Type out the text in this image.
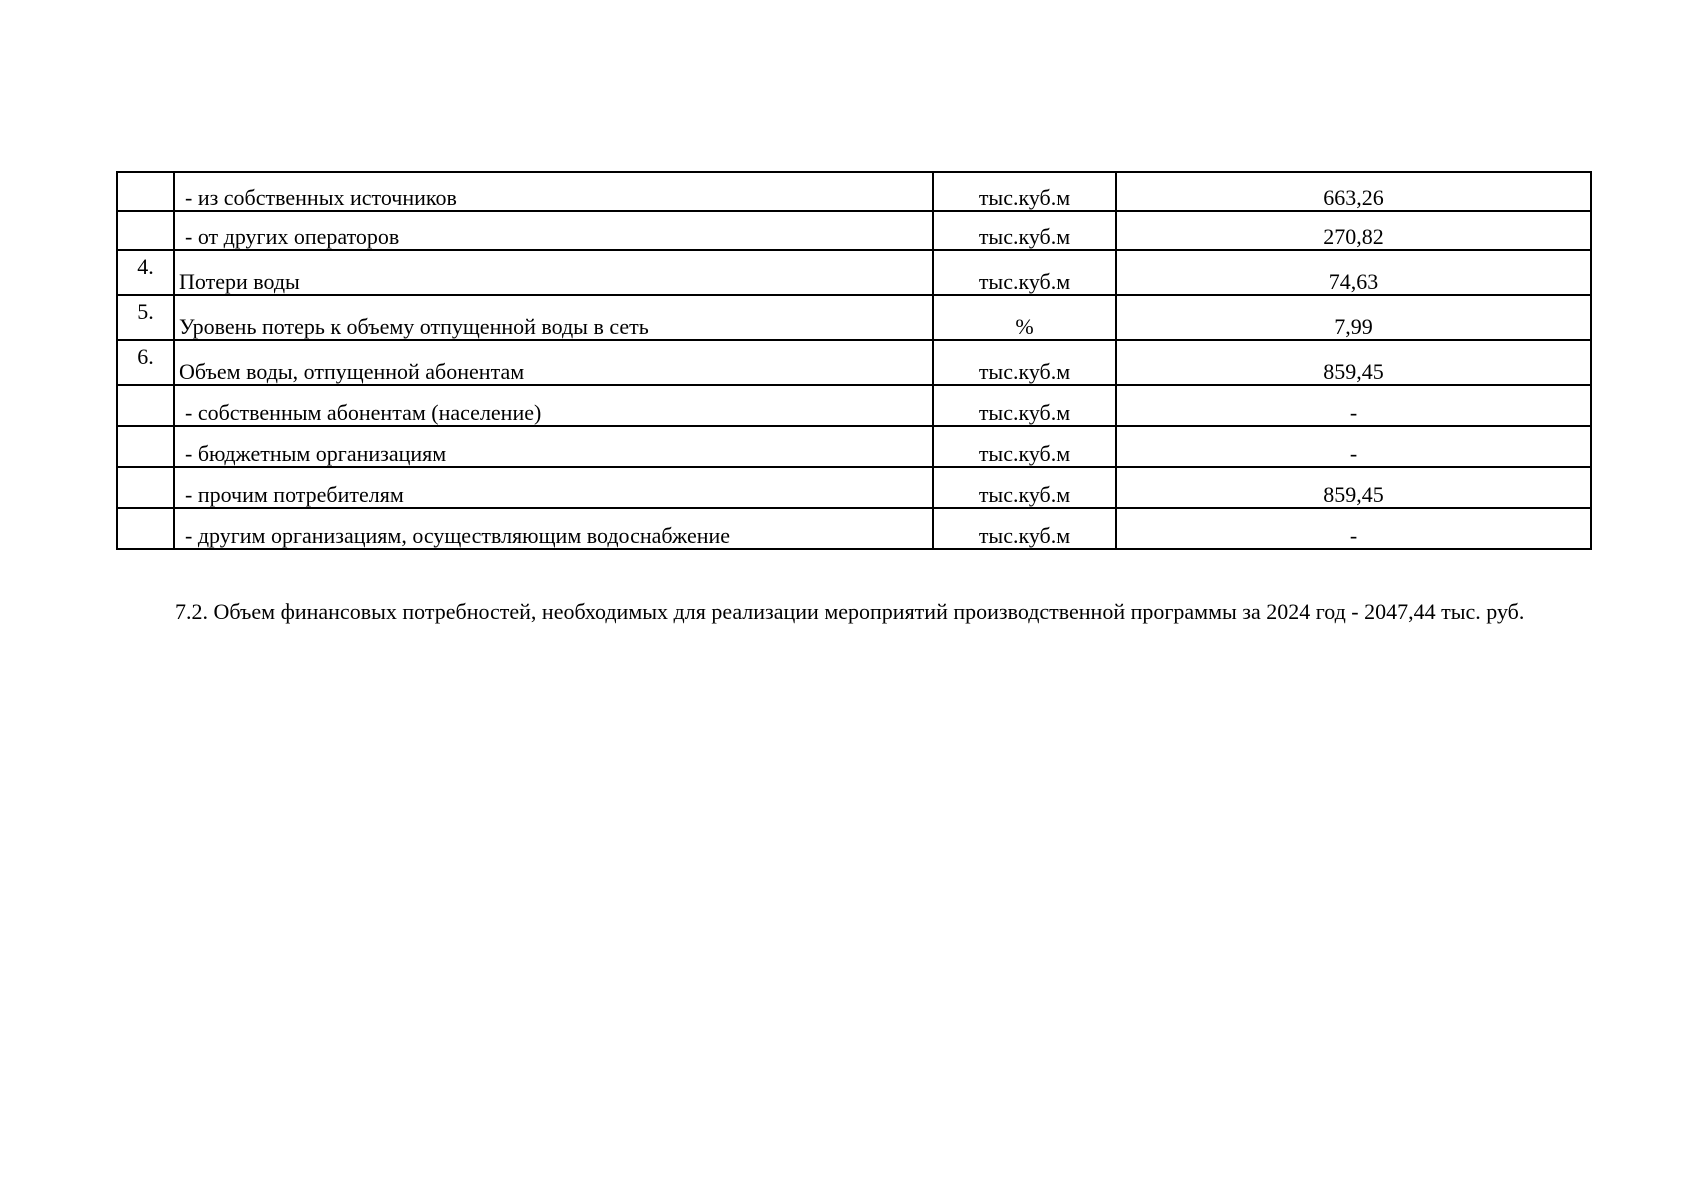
	- из собственных источников	тыс.куб.м	663,26
	- от других операторов	тыс.куб.м	270,82
4.	Потери воды	тыс.куб.м	74,63
5.	Уровень потерь к объему отпущенной воды в сеть	%	7,99
6.	Объем воды, отпущенной абонентам	тыс.куб.м	859,45
	- собственным абонентам (население)	тыс.куб.м	-
	- бюджетным организациям	тыс.куб.м	-
	- прочим потребителям	тыс.куб.м	859,45
	- другим организациям, осуществляющим водоснабжение	тыс.куб.м	-

7.2. Объем финансовых потребностей, необходимых для реализации мероприятий производственной программы за 2024 год - 2047,44 тыс. руб.
